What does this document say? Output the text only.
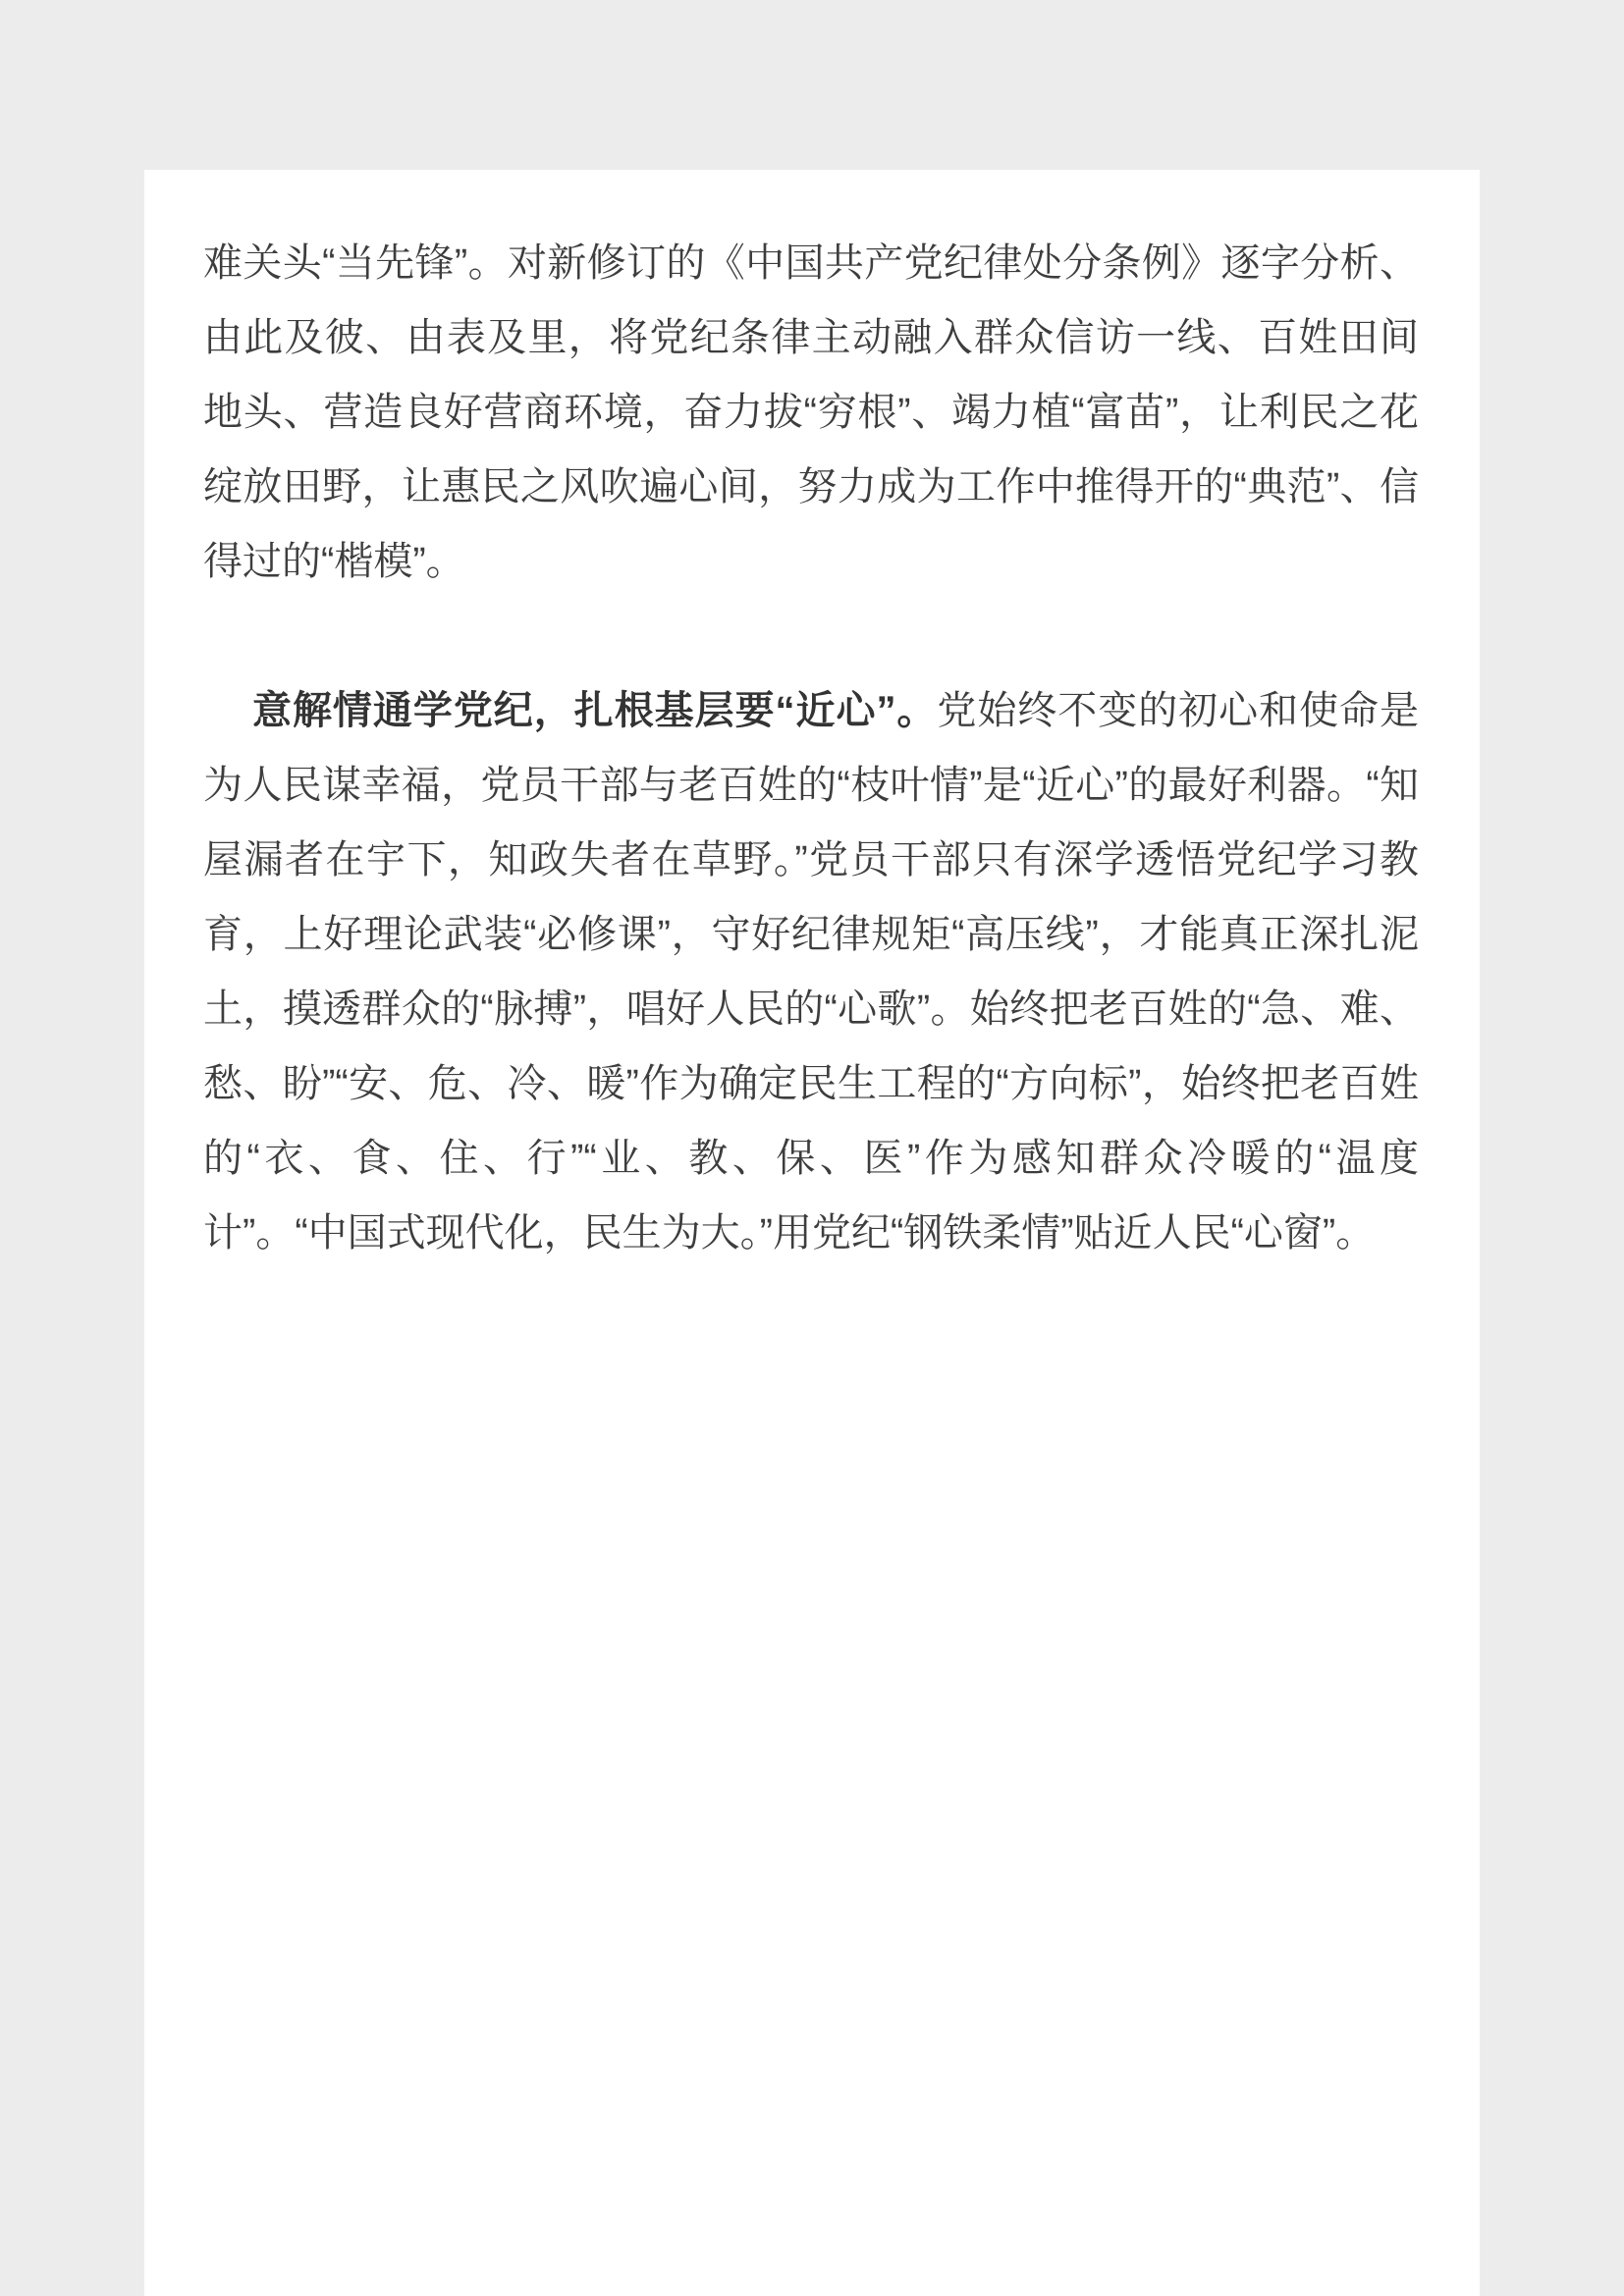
难关头“当先锋”。对新修订的《中国共产党纪律处分条例》逐字分析、由此及彼、由表及里，将党纪条律主动融入群众信访一线、百姓田间地头、营造良好营商环境，奋力拔“穷根”、竭力植“富苗”，让利民之花绽放田野，让惠民之风吹遍心间，努力成为工作中推得开的“典范”、信得过的“楷模”。

意解情通学党纪，扎根基层要“近心”。党始终不变的初心和使命是为人民谋幸福，党员干部与老百姓的“枝叶情”是“近心”的最好利器。“知屋漏者在宇下，知政失者在草野。”党员干部只有深学透悟党纪学习教育，上好理论武装“必修课”，守好纪律规矩“高压线”，才能真正深扎泥土，摸透群众的“脉搏”，唱好人民的“心歌”。始终把老百姓的“急、难、愁、盼”“安、危、冷、暖”作为确定民生工程的“方向标”，始终把老百姓的“衣、食、住、行”“业、教、保、医”作为感知群众冷暖的“温度计”。“中国式现代化，民生为大。”用党纪“钢铁柔情”贴近人民“心窗”。
